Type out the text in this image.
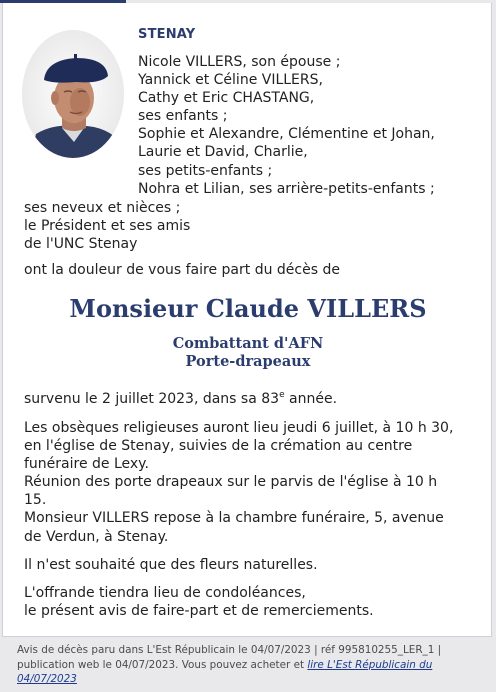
STENAY
Nicole VILLERS, son épouse ;
Yannick et Céline VILLERS,
Cathy et Eric CHASTANG,
ses enfants ;
Sophie et Alexandre, Clémentine et Johan,
Laurie et David, Charlie,
ses petits-enfants ;
Nohra et Lilian, ses arrière-petits-enfants ;
ses neveux et nièces ;
le Président et ses amis
de l'UNC Stenay
ont la douleur de vous faire part du décès de
Monsieur Claude VILLERS
Combattant d'AFN
Porte-drapeaux
survenu le 2 juillet 2023, dans sa 83e année.
Les obsèques religieuses auront lieu jeudi 6 juillet, à 10 h 30,
en l'église de Stenay, suivies de la crémation au centre
funéraire de Lexy.
Réunion des porte drapeaux sur le parvis de l'église à 10 h
15.
Monsieur VILLERS repose à la chambre funéraire, 5, avenue
de Verdun, à Stenay.
Il n'est souhaité que des fleurs naturelles.
L'offrande tiendra lieu de condoléances,
le présent avis de faire-part et de remerciements.
Avis de décès paru dans L'Est Républicain le 04/07/2023 | réf 995810255_LER_1 |
publication web le 04/07/2023. Vous pouvez acheter et lire L'Est Républicain du
04/07/2023
